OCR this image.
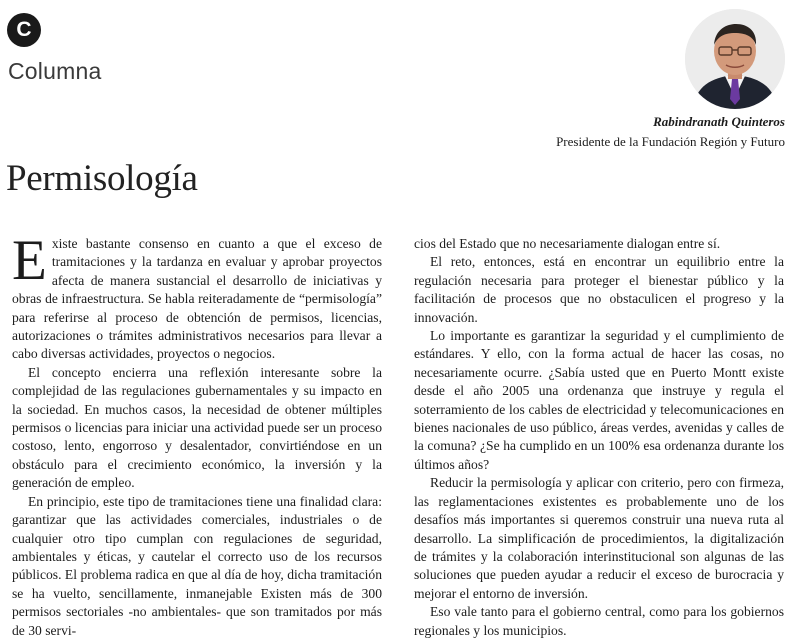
C
Columna
Rabindranath Quinteros
Presidente de la Fundación Región y Futuro
Permisología

Existe bastante consenso en cuanto a que el exceso de tramitaciones y la tardanza en evaluar y aprobar proyectos afecta de manera sustancial el desarrollo de iniciativas y obras de infraestructura. Se habla reiteradamente de “permisología” para referirse al proceso de obtención de permisos, licencias, autorizaciones o trámites administrativos necesarios para llevar a cabo diversas actividades, proyectos o negocios.

El concepto encierra una reflexión interesante sobre la complejidad de las regulaciones gubernamentales y su impacto en la sociedad. En muchos casos, la necesidad de obtener múltiples permisos o licencias para iniciar una actividad puede ser un proceso costoso, lento, engorroso y desalentador, convirtiéndose en un obstáculo para el crecimiento económico, la inversión y la generación de empleo.

En principio, este tipo de tramitaciones tiene una finalidad clara: garantizar que las actividades comerciales, industriales o de cualquier otro tipo cumplan con regulaciones de seguridad, ambientales y éticas, y cautelar el correcto uso de los recursos públicos. El problema radica en que al día de hoy, dicha tramitación se ha vuelto, sencillamente, inmanejable Existen más de 300 permisos sectoriales -no ambientales- que son tramitados por más de 30 servi-

cios del Estado que no necesariamente dialogan entre sí.

El reto, entonces, está en encontrar un equilibrio entre la regulación necesaria para proteger el bienestar público y la facilitación de procesos que no obstaculicen el progreso y la innovación.

Lo importante es garantizar la seguridad y el cumplimiento de estándares. Y ello, con la forma actual de hacer las cosas, no necesariamente ocurre. ¿Sabía usted que en Puerto Montt existe desde el año 2005 una ordenanza que instruye y regula el soterramiento de los cables de electricidad y telecomunicaciones en bienes nacionales de uso público, áreas verdes, avenidas y calles de la comuna? ¿Se ha cumplido en un 100% esa ordenanza durante los últimos años?

Reducir la permisología y aplicar con criterio, pero con firmeza, las reglamentaciones existentes es probablemente uno de los desafíos más importantes si queremos construir una nueva ruta al desarrollo. La simplificación de procedimientos, la digitalización de trámites y la colaboración interinstitucional son algunas de las soluciones que pueden ayudar a reducir el exceso de burocracia y mejorar el entorno de inversión.

Eso vale tanto para el gobierno central, como para los gobiernos regionales y los municipios.
